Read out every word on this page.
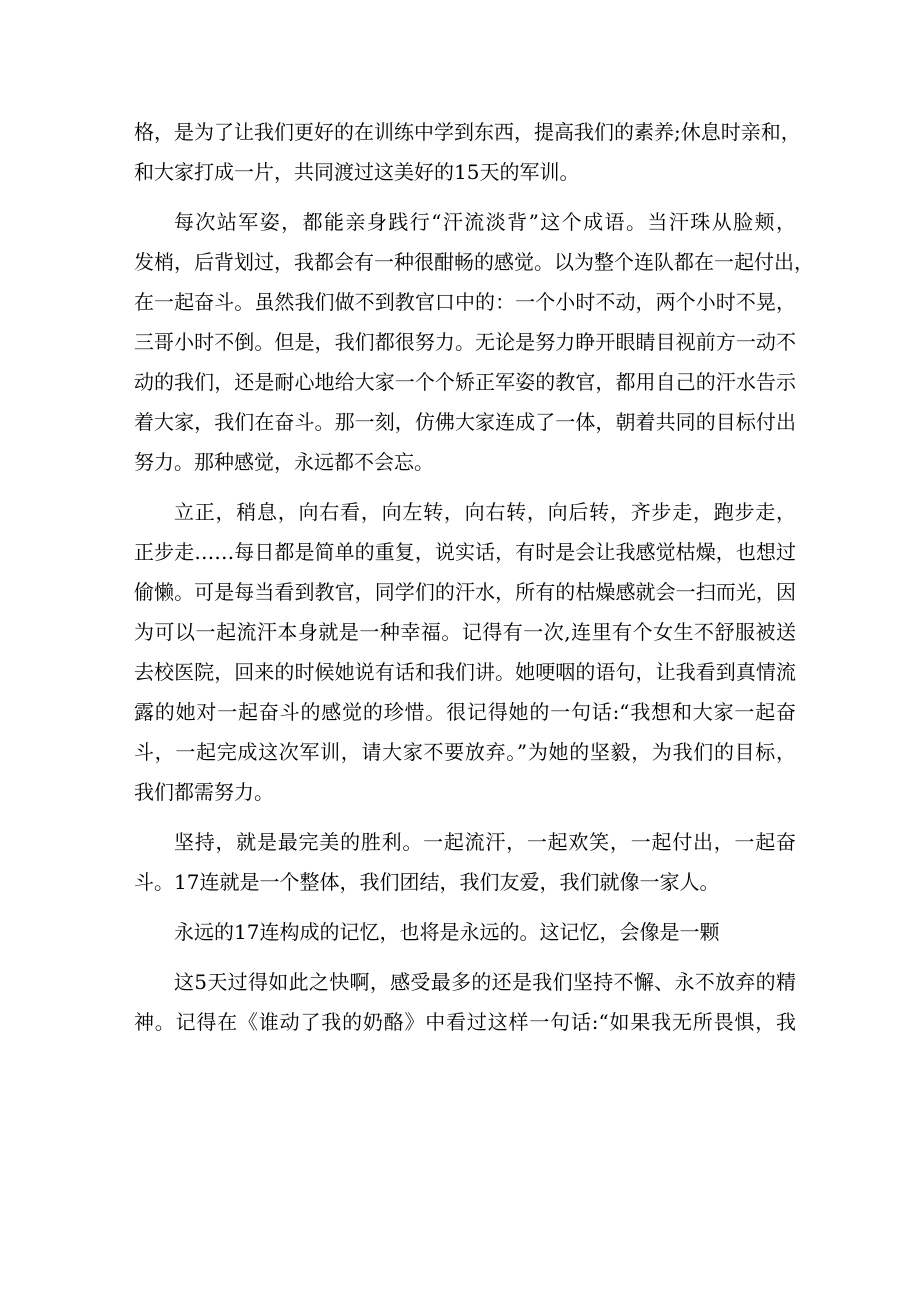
格，是为了让我们更好的在训练中学到东西，提高我们的素养;休息时亲和，
和大家打成一片，共同渡过这美好的15天的军训。
每次站军姿，都能亲身践行“汗流淡背”这个成语。当汗珠从脸颊，
发梢，后背划过，我都会有一种很酣畅的感觉。以为整个连队都在一起付出，
在一起奋斗。虽然我们做不到教官口中的：一个小时不动，两个小时不晃，
三哥小时不倒。但是，我们都很努力。无论是努力睁开眼睛目视前方一动不
动的我们，还是耐心地给大家一个个矫正军姿的教官，都用自己的汗水告示
着大家，我们在奋斗。那一刻，仿佛大家连成了一体，朝着共同的目标付出
努力。那种感觉，永远都不会忘。
立正，稍息，向右看，向左转，向右转，向后转，齐步走，跑步走，
正步走……每日都是简单的重复，说实话，有时是会让我感觉枯燥，也想过
偷懒。可是每当看到教官，同学们的汗水，所有的枯燥感就会一扫而光，因
为可以一起流汗本身就是一种幸福。记得有一次,连里有个女生不舒服被送
去校医院，回来的时候她说有话和我们讲。她哽咽的语句，让我看到真情流
露的她对一起奋斗的感觉的珍惜。很记得她的一句话:“我想和大家一起奋
斗，一起完成这次军训，请大家不要放弃。”为她的坚毅，为我们的目标，
我们都需努力。
坚持，就是最完美的胜利。一起流汗，一起欢笑，一起付出，一起奋
斗。17连就是一个整体，我们团结，我们友爱，我们就像一家人。
永远的17连构成的记忆，也将是永远的。这记忆，会像是一颗
这5天过得如此之快啊，感受最多的还是我们坚持不懈、永不放弃的精
神。记得在《谁动了我的奶酪》中看过这样一句话:“如果我无所畏惧，我
